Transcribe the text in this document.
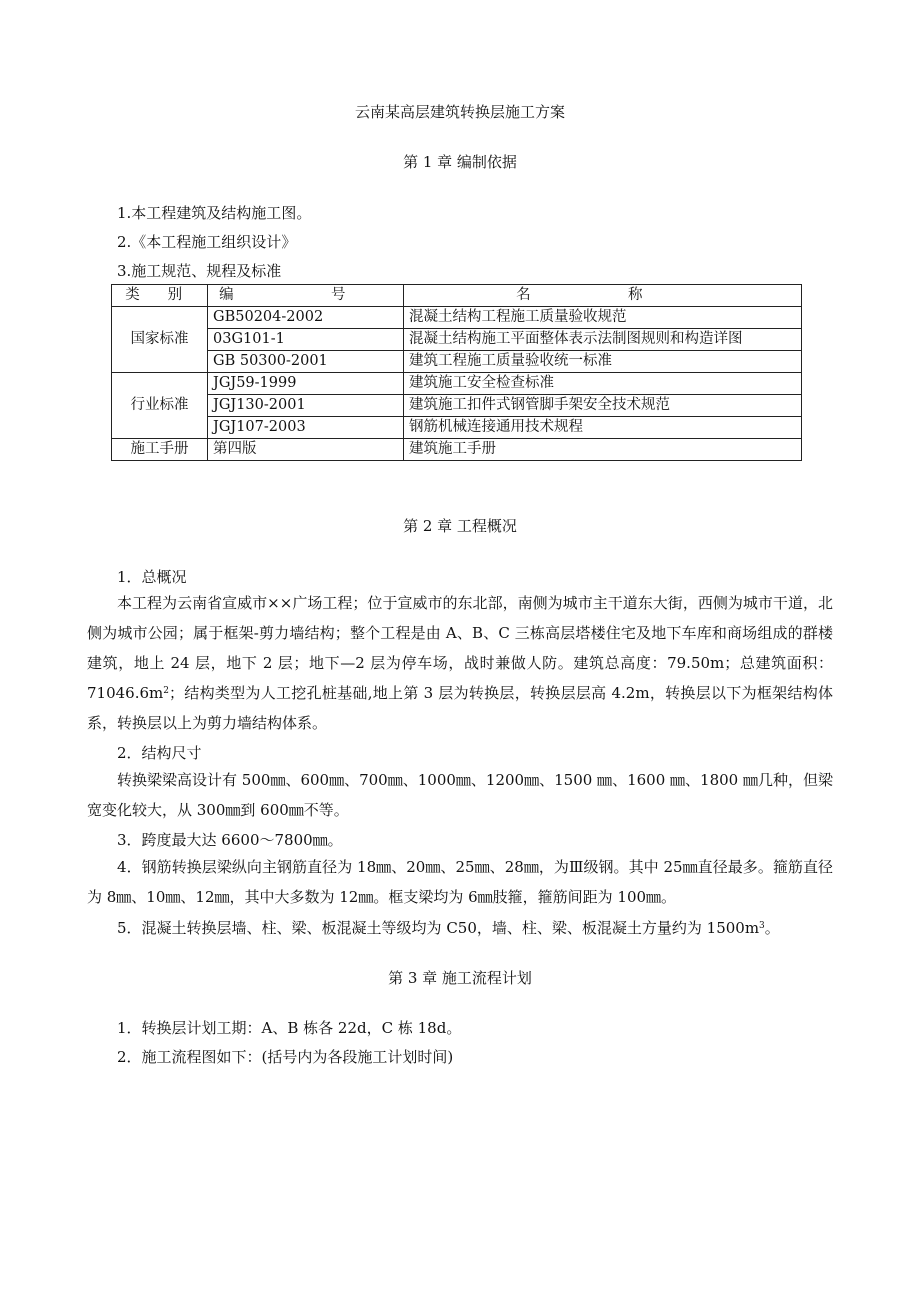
云南某高层建筑转换层施工方案
第 1 章 编制依据

1.本工程建筑及结构施工图。

2.《本工程施工组织设计》

3.施工规范、规程及标准

类 别	编 号	名 称
国家标准	GB50204-2002	混凝土结构工程施工质量验收规范
	03G101-1	混凝土结构施工平面整体表示法制图规则和构造详图
	GB 50300-2001	建筑工程施工质量验收统一标准
行业标准	JGJ59-1999	建筑施工安全检查标准
	JGJ130-2001	建筑施工扣件式钢管脚手架安全技术规范
	JGJ107-2003	钢筋机械连接通用技术规程
施工手册	第四版	建筑施工手册
第 2 章 工程概况

1．总概况

本工程为云南省宣威市××广场工程；位于宣威市的东北部，南侧为城市主干道东大街，西侧为城市干道，北侧为城市公园；属于框架-剪力墙结构；整个工程是由 A、B、C 三栋高层塔楼住宅及地下车库和商场组成的群楼建筑，地上 24 层，地下 2 层；地下—2 层为停车场，战时兼做人防。建筑总高度：79.50m；总建筑面积：$71046.6m^2$；结构类型为人工挖孔桩基础,地上第 3 层为转换层，转换层层高 4.2m，转换层以下为框架结构体系，转换层以上为剪力墙结构体系。

2．结构尺寸

转换梁梁高设计有 500㎜、600㎜、700㎜、1000㎜、1200㎜、1500 ㎜、1600 ㎜、1800 ㎜几种，但梁宽变化较大，从 300㎜到 600㎜不等。

3．跨度最大达 6600～7800㎜。

4．钢筋转换层梁纵向主钢筋直径为 18㎜、20㎜、25㎜、28㎜，为Ⅲ级钢。其中 25㎜直径最多。箍筋直径为 8㎜、10㎜、12㎜，其中大多数为 12㎜。框支梁均为 6㎜肢箍，箍筋间距为 100㎜。

5．混凝土转换层墙、柱、梁、板混凝土等级均为 C50，墙、柱、梁、板混凝土方量约为 $1500m^3$。

第 3 章 施工流程计划

1．转换层计划工期：A、B 栋各 22d，C 栋 18d。

2．施工流程图如下：(括号内为各段施工计划时间)
